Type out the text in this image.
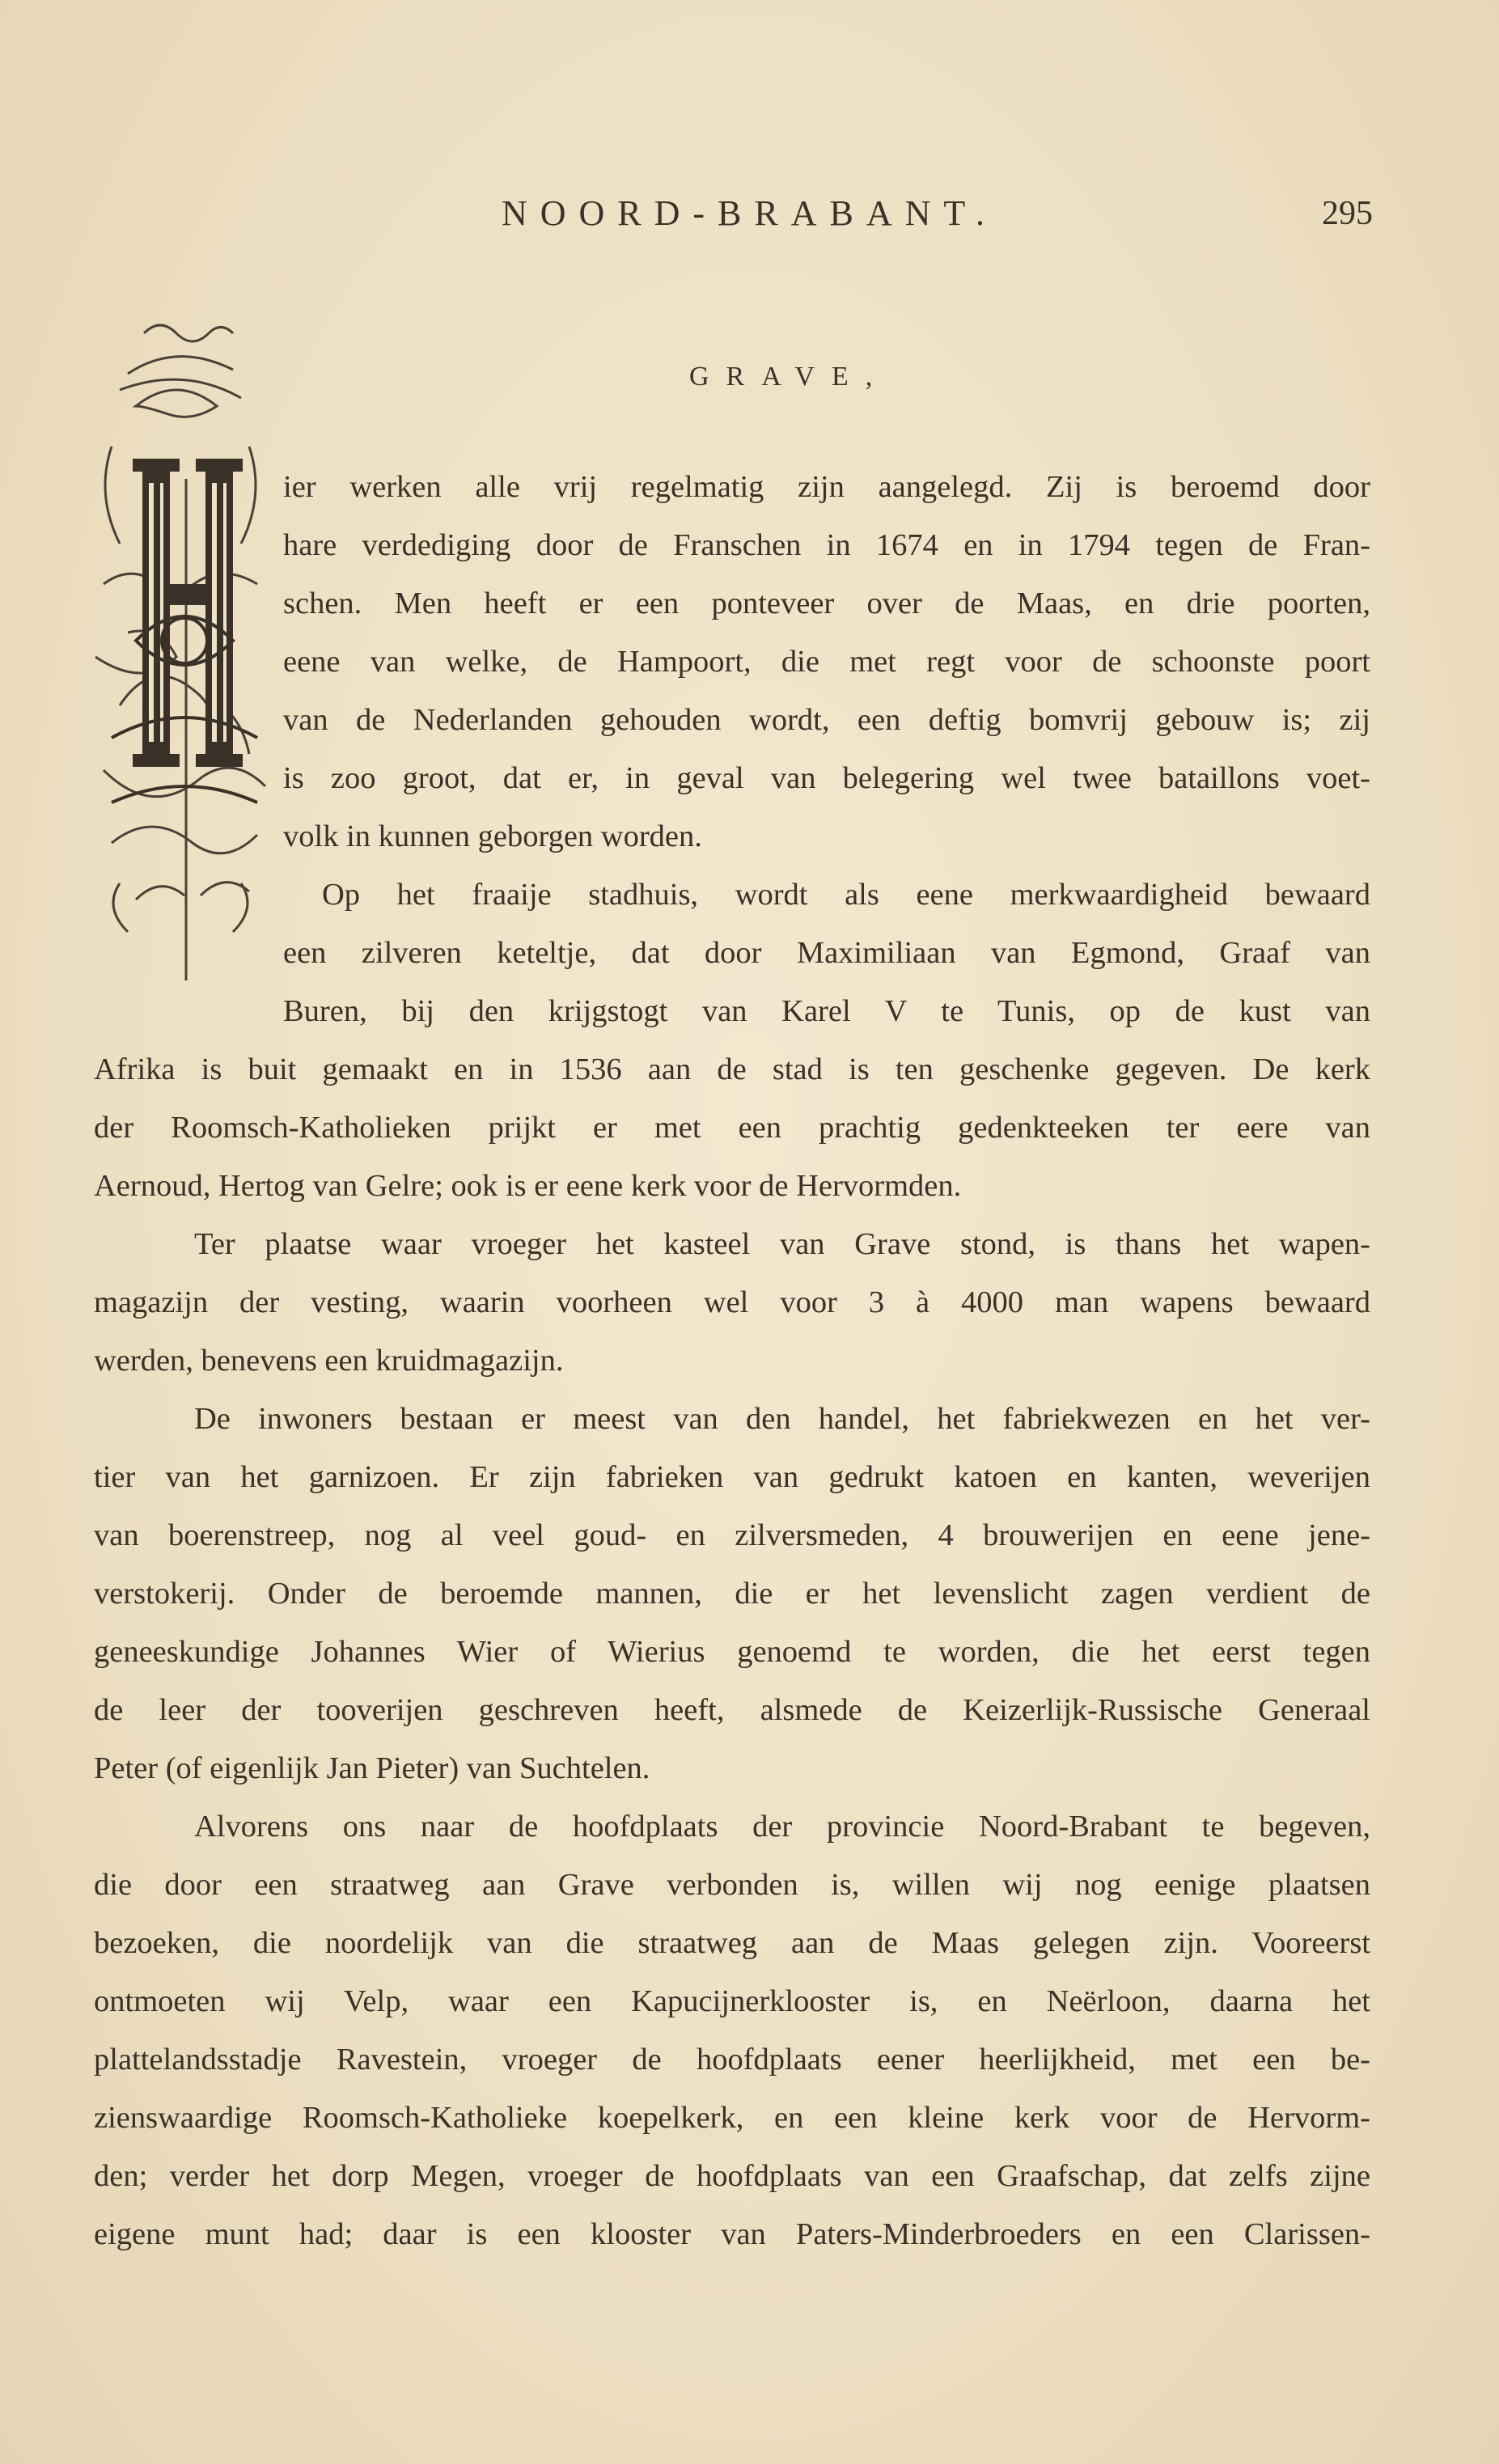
NOORD-BRABANT.	295
GRAVE,
ier werken alle vrij regelmatig zijn aangelegd. Zij is beroemd door
hare verdediging door de Franschen in 1674 en in 1794 tegen de Fran-
schen. Men heeft er een ponteveer over de Maas, en drie poorten,
eene van welke, de Hampoort, die met regt voor de schoonste poort
van de Nederlanden gehouden wordt, een deftig bomvrij gebouw is; zij
is zoo groot, dat er, in geval van belegering wel twee bataillons voet-
volk in kunnen geborgen worden.
Op het fraaije stadhuis, wordt als eene merkwaardigheid bewaard
een zilveren keteltje, dat door Maximiliaan van Egmond, Graaf van
Buren, bij den krijgstogt van Karel V te Tunis, op de kust van
Afrika is buit gemaakt en in 1536 aan de stad is ten geschenke gegeven. De kerk
der Roomsch-Katholieken prijkt er met een prachtig gedenkteeken ter eere van
Aernoud, Hertog van Gelre; ook is er eene kerk voor de Hervormden.
Ter plaatse waar vroeger het kasteel van Grave stond, is thans het wapen-
magazijn der vesting, waarin voorheen wel voor 3 à 4000 man wapens bewaard
werden, benevens een kruidmagazijn.
De inwoners bestaan er meest van den handel, het fabriekwezen en het ver-
tier van het garnizoen. Er zijn fabrieken van gedrukt katoen en kanten, weverijen
van boerenstreep, nog al veel goud- en zilversmeden, 4 brouwerijen en eene jene-
verstokerij. Onder de beroemde mannen, die er het levenslicht zagen verdient de
geneeskundige Johannes Wier of Wierius genoemd te worden, die het eerst tegen
de leer der tooverijen geschreven heeft, alsmede de Keizerlijk-Russische Generaal
Peter (of eigenlijk Jan Pieter) van Suchtelen.
Alvorens ons naar de hoofdplaats der provincie Noord-Brabant te begeven,
die door een straatweg aan Grave verbonden is, willen wij nog eenige plaatsen
bezoeken, die noordelijk van die straatweg aan de Maas gelegen zijn. Vooreerst
ontmoeten wij Velp, waar een Kapucijnerklooster is, en Neërloon, daarna het
plattelandsstadje Ravestein, vroeger de hoofdplaats eener heerlijkheid, met een be-
zienswaardige Roomsch-Katholieke koepelkerk, en een kleine kerk voor de Hervorm-
den; verder het dorp Megen, vroeger de hoofdplaats van een Graafschap, dat zelfs zijne
eigene munt had; daar is een klooster van Paters-Minderbroeders en een Clarissen-
